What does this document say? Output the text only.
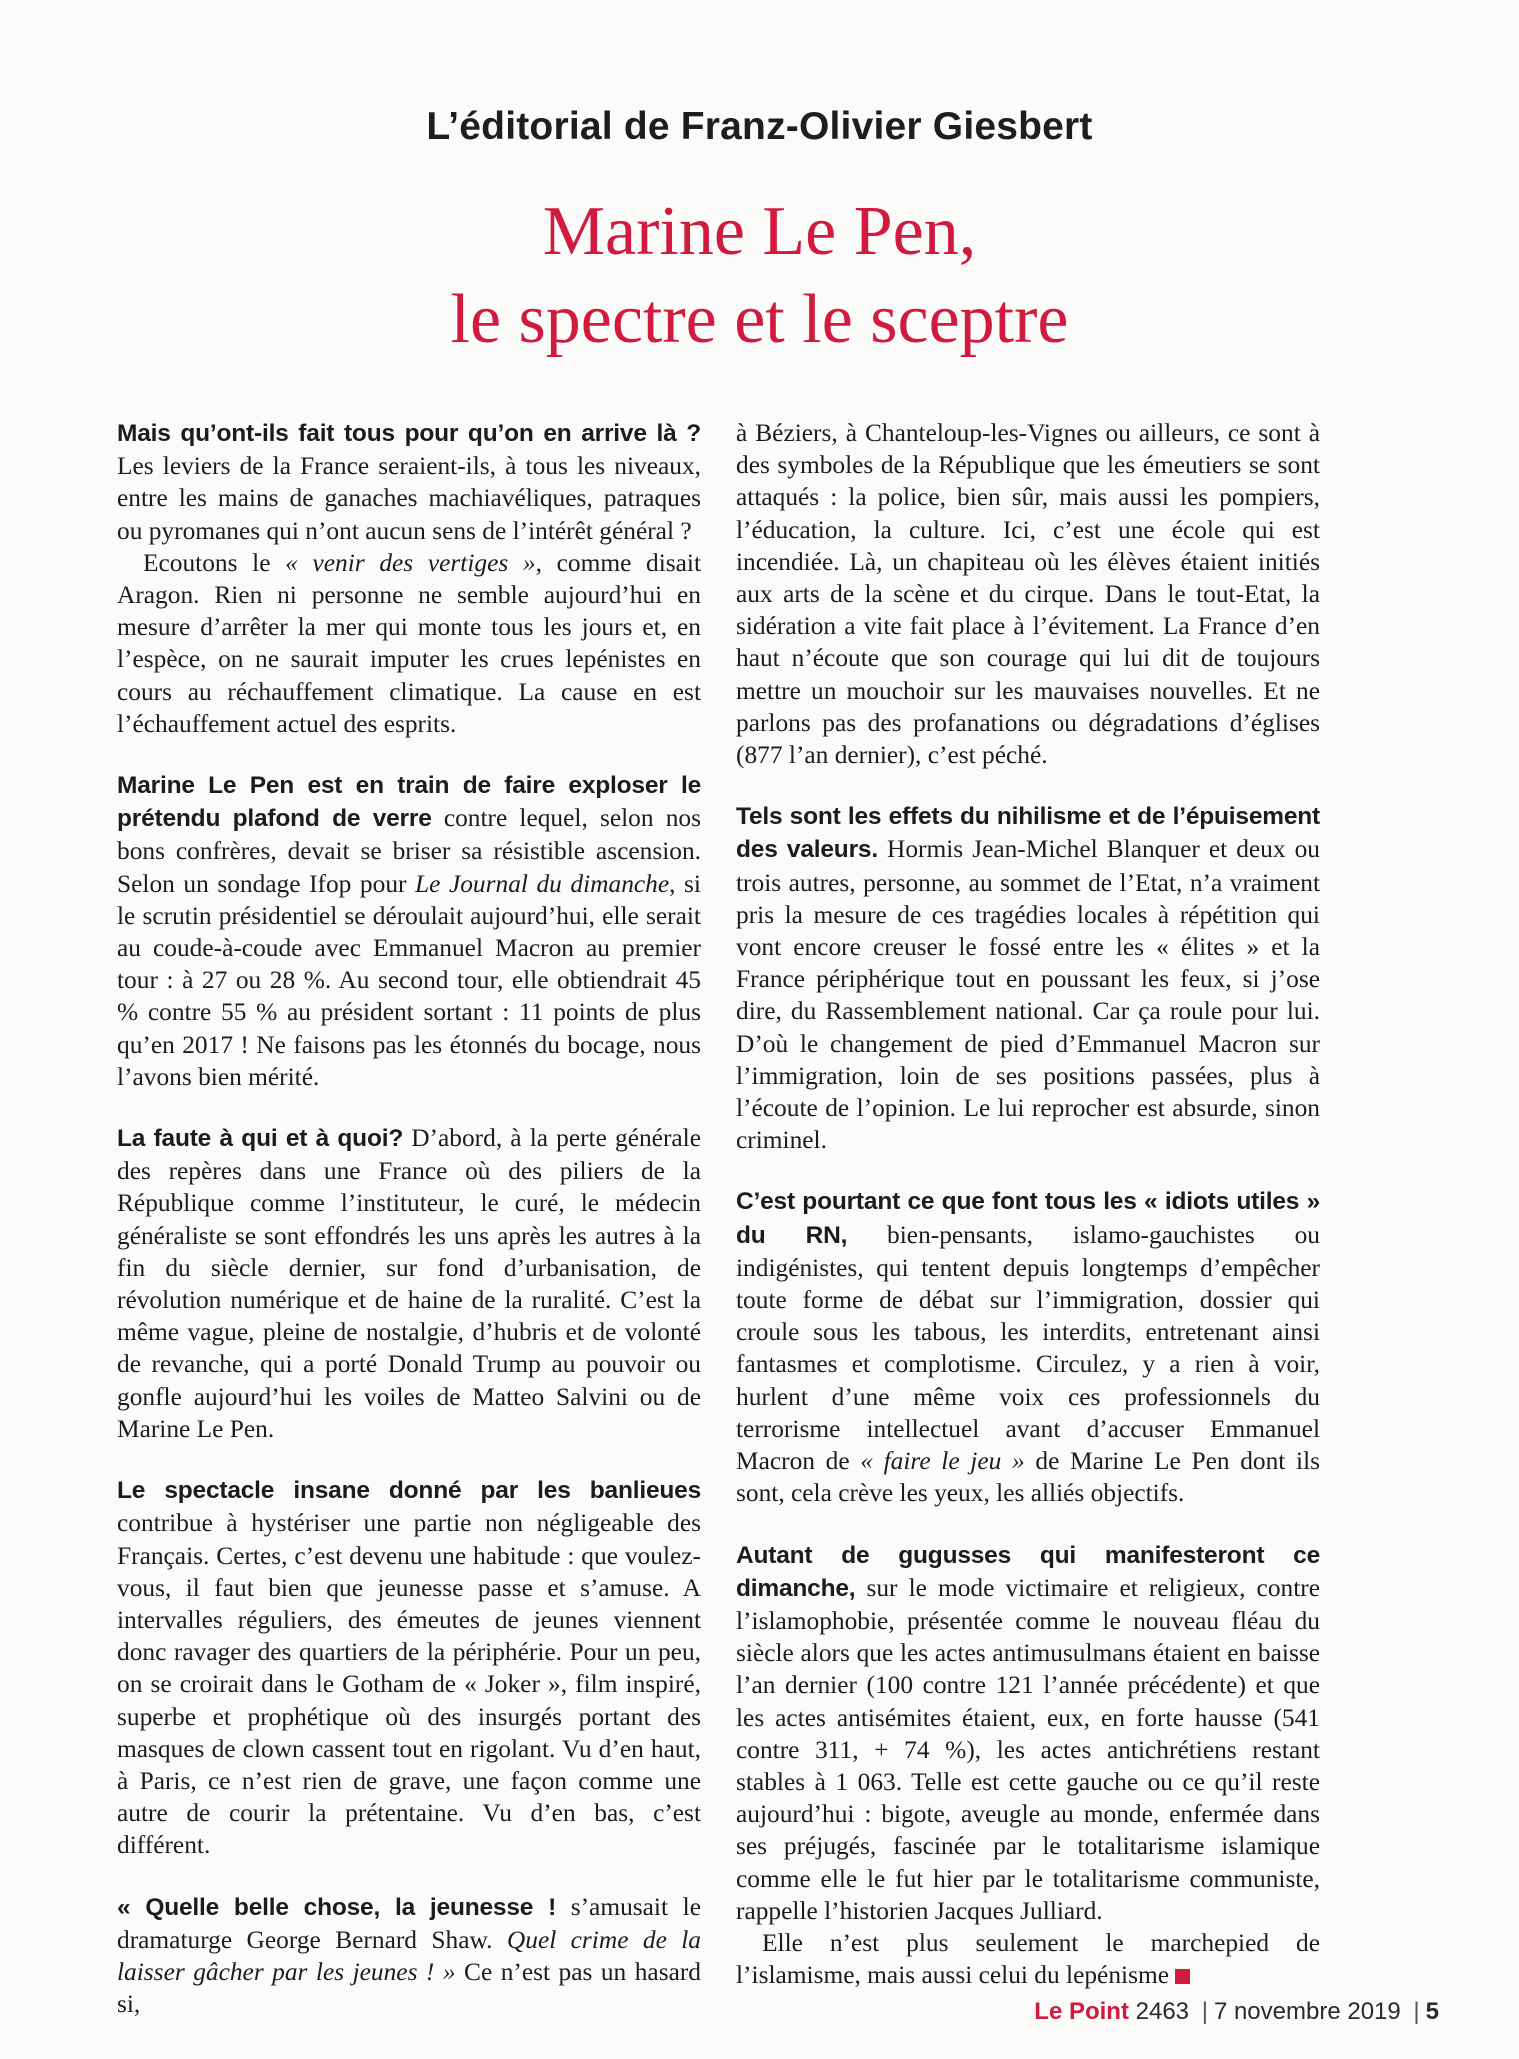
L’éditorial de Franz-Olivier Giesbert
Marine Le Pen,
le spectre et le sceptre

Mais qu’ont-ils fait tous pour qu’on en arrive là ? Les leviers de la France seraient-ils, à tous les niveaux, entre les mains de ganaches machiavéliques, patraques ou pyromanes qui n’ont aucun sens de l’intérêt général ?

Ecoutons le « venir des vertiges », comme disait Aragon. Rien ni personne ne semble aujourd’hui en mesure d’arrêter la mer qui monte tous les jours et, en l’espèce, on ne saurait imputer les crues lepénistes en cours au réchauffement climatique. La cause en est l’échauffement actuel des esprits.

Marine Le Pen est en train de faire exploser le prétendu plafond de verre contre lequel, selon nos bons confrères, devait se briser sa résistible ascension. Selon un sondage Ifop pour Le Journal du dimanche, si le scrutin présidentiel se déroulait aujourd’hui, elle serait au coude-à-coude avec Emmanuel Macron au premier tour : à 27 ou 28 %. Au second tour, elle obtiendrait 45 % contre 55 % au président sortant : 11 points de plus qu’en 2017 ! Ne faisons pas les étonnés du bocage, nous l’avons bien mérité.

La faute à qui et à quoi? D’abord, à la perte générale des repères dans une France où des piliers de la République comme l’instituteur, le curé, le médecin généraliste se sont effondrés les uns après les autres à la fin du siècle dernier, sur fond d’urbanisation, de révolution numérique et de haine de la ruralité. C’est la même vague, pleine de nostalgie, d’hubris et de volonté de revanche, qui a porté Donald Trump au pouvoir ou gonfle aujourd’hui les voiles de Matteo Salvini ou de Marine Le Pen.

Le spectacle insane donné par les banlieues contribue à hystériser une partie non négligeable des Français. Certes, c’est devenu une habitude : que voulez-vous, il faut bien que jeunesse passe et s’amuse. A intervalles réguliers, des émeutes de jeunes viennent donc ravager des quartiers de la périphérie. Pour un peu, on se croirait dans le Gotham de « Joker », film inspiré, superbe et prophétique où des insurgés portant des masques de clown cassent tout en rigolant. Vu d’en haut, à Paris, ce n’est rien de grave, une façon comme une autre de courir la prétentaine. Vu d’en bas, c’est différent.

« Quelle belle chose, la jeunesse ! s’amusait le dramaturge George Bernard Shaw. Quel crime de la laisser gâcher par les jeunes ! » Ce n’est pas un hasard si,

à Béziers, à Chanteloup-les-Vignes ou ailleurs, ce sont à des symboles de la République que les émeutiers se sont attaqués : la police, bien sûr, mais aussi les pompiers, l’éducation, la culture. Ici, c’est une école qui est incendiée. Là, un chapiteau où les élèves étaient initiés aux arts de la scène et du cirque. Dans le tout-Etat, la sidération a vite fait place à l’évitement. La France d’en haut n’écoute que son courage qui lui dit de toujours mettre un mouchoir sur les mauvaises nouvelles. Et ne parlons pas des profanations ou dégradations d’églises (877 l’an dernier), c’est péché.

Tels sont les effets du nihilisme et de l’épuisement des valeurs. Hormis Jean-Michel Blanquer et deux ou trois autres, personne, au sommet de l’Etat, n’a vraiment pris la mesure de ces tragédies locales à répétition qui vont encore creuser le fossé entre les « élites » et la France périphérique tout en poussant les feux, si j’ose dire, du Rassemblement national. Car ça roule pour lui. D’où le changement de pied d’Emmanuel Macron sur l’immigration, loin de ses positions passées, plus à l’écoute de l’opinion. Le lui reprocher est absurde, sinon criminel.

C’est pourtant ce que font tous les « idiots utiles » du RN, bien-pensants, islamo-gauchistes ou indigénistes, qui tentent depuis longtemps d’empêcher toute forme de débat sur l’immigration, dossier qui croule sous les tabous, les interdits, entretenant ainsi fantasmes et complotisme. Circulez, y a rien à voir, hurlent d’une même voix ces professionnels du terrorisme intellectuel avant d’accuser Emmanuel Macron de « faire le jeu » de Marine Le Pen dont ils sont, cela crève les yeux, les alliés objectifs.

Autant de gugusses qui manifesteront ce dimanche, sur le mode victimaire et religieux, contre l’islamophobie, présentée comme le nouveau fléau du siècle alors que les actes antimusulmans étaient en baisse l’an dernier (100 contre 121 l’année précédente) et que les actes antisémites étaient, eux, en forte hausse (541 contre 311, + 74 %), les actes antichrétiens restant stables à 1 063. Telle est cette gauche ou ce qu’il reste aujourd’hui : bigote, aveugle au monde, enfermée dans ses préjugés, fascinée par le totalitarisme islamique comme elle le fut hier par le totalitarisme communiste, rappelle l’historien Jacques Julliard.

Elle n’est plus seulement le marchepied de l’islamisme, mais aussi celui du lepénisme

Le Point 2463 | 7 novembre 2019 | 5
